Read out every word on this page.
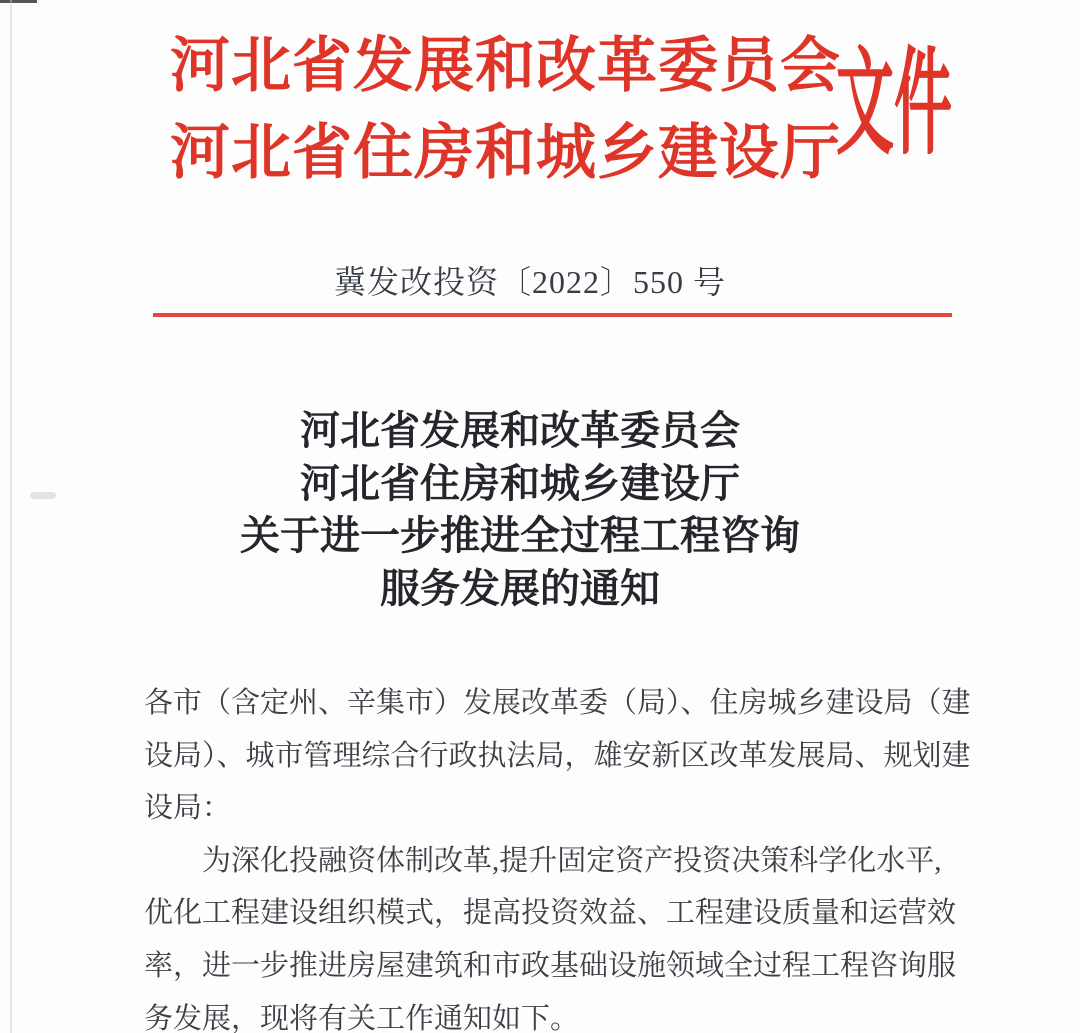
河北省发展和改革委员会
河北省住房和城乡建设厅
文件
冀发改投资〔2022〕550 号
河北省发展和改革委员会
河北省住房和城乡建设厅
关于进一步推进全过程工程咨询
服务发展的通知
各市（含定州、辛集市）发展改革委（局）、住房城乡建设局（建
设局）、城市管理综合行政执法局，雄安新区改革发展局、规划建
设局：
　　为深化投融资体制改革,提升固定资产投资决策科学化水平,
优化工程建设组织模式，提高投资效益、工程建设质量和运营效
率，进一步推进房屋建筑和市政基础设施领域全过程工程咨询服
务发展，现将有关工作通知如下。
